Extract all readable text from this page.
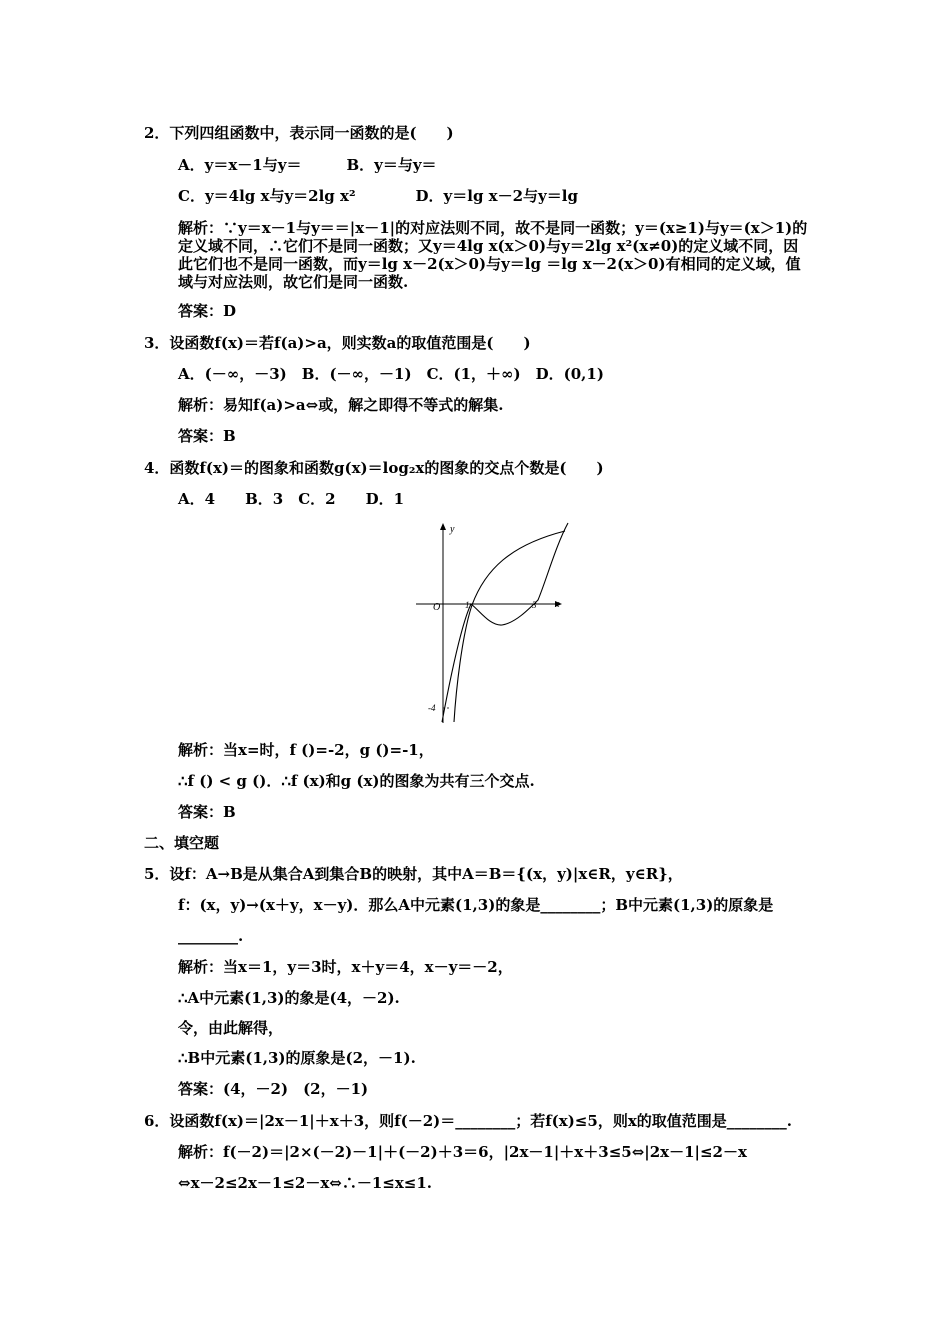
2．下列四组函数中，表示同一函数的是(　　)
A．y＝x－1与y＝　　　B．y＝与y＝
C．y＝4lg x与y＝2lg x²　　　　D．y＝lg x－2与y＝lg
解析：∵y＝x－1与y＝＝|x－1|的对应法则不同，故不是同一函数；y＝(x≥1)与y＝(x＞1)的定义域不同，∴它们不是同一函数；又y＝4lg x(x＞0)与y＝2lg x²(x≠0)的定义域不同，因此它们也不是同一函数，而y＝lg x－2(x＞0)与y＝lg ＝lg x－2(x＞0)有相同的定义域，值域与对应法则，故它们是同一函数.
答案：D
3．设函数f(x)＝若f(a)>a，则实数a的取值范围是(　　)
A．(－∞，－3)　B．(－∞，－1)　C．(1，＋∞)　D．(0,1)
解析：易知f(a)>a⇔或，解之即得不等式的解集.
答案：B
4．函数f(x)＝的图象和函数g(x)＝log₂x的图象的交点个数是(　　)
A．4　　B．3　C．2　　D．1
y
x
O	1	3
-4
解析：当x=时，f ()=-2，g ()=-1，
∴f () < g ()．∴f (x)和g (x)的图象为共有三个交点.
答案：B
二、填空题
5．设f：A→B是从集合A到集合B的映射，其中A＝B＝{(x，y)|x∈R，y∈R}，
f：(x，y)→(x＋y，x－y)．那么A中元素(1,3)的象是________；B中元素(1,3)的原象是
________.
解析：当x＝1，y＝3时，x＋y＝4，x－y＝－2，
∴A中元素(1,3)的象是(4，－2).
令，由此解得，
∴B中元素(1,3)的原象是(2，－1).
答案：(4，－2)　(2，－1)
6．设函数f(x)＝|2x－1|＋x＋3，则f(－2)＝________；若f(x)≤5，则x的取值范围是________.
解析：f(－2)＝|2×(－2)－1|＋(－2)＋3＝6，|2x－1|＋x＋3≤5⇔|2x－1|≤2－x
⇔x－2≤2x－1≤2－x⇔∴－1≤x≤1.
